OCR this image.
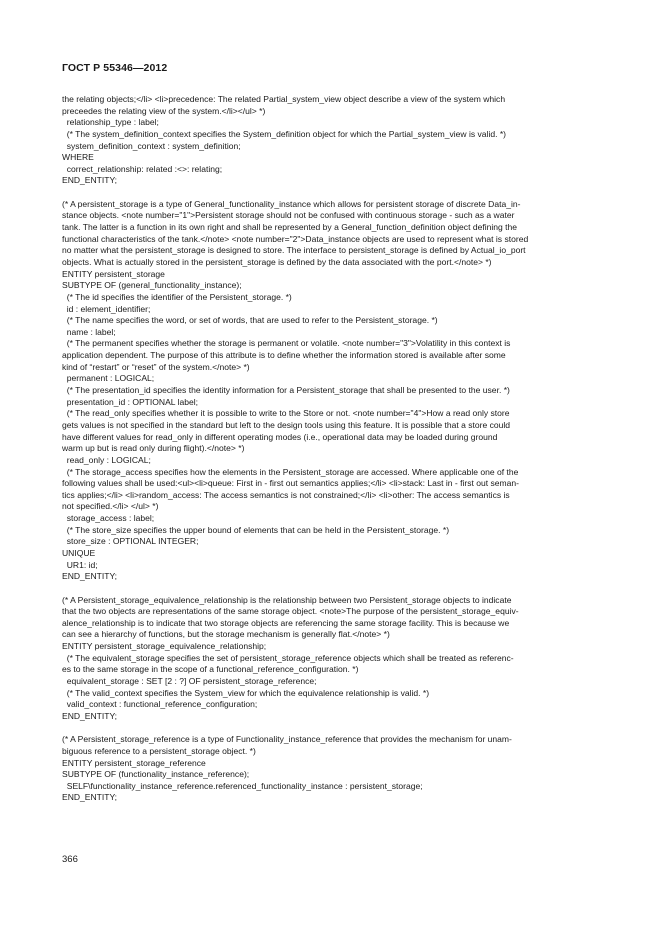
ГОСТ Р 55346—2012
the relating objects;</li> <li>precedence: The related Partial_system_view object describe a view of the system which
preceedes the relating view of the system.</li></ul> *)
relationship_type : label;
(* The system_definition_context specifies the System_definition object for which the Partial_system_view is valid. *)
system_definition_context : system_definition;
WHERE
correct_relationship: related :<>: relating;
END_ENTITY;
(* A persistent_storage is a type of General_functionality_instance which allows for persistent storage of discrete Data_in-
stance objects. <note number="1">Persistent storage should not be confused with continuous storage - such as a water
tank. The latter is a function in its own right and shall be represented by a General_function_definition object defining the
functional characteristics of the tank.</note> <note number="2">Data_instance objects are used to represent what is stored
no matter what the persistent_storage is designed to store. The interface to persistent_storage is defined by Actual_io_port
objects. What is actually stored in the persistent_storage is defined by the data associated with the port.</note> *)
ENTITY persistent_storage
SUBTYPE OF (general_functionality_instance);
(* The id specifies the identifier of the Persistent_storage. *)
id : element_identifier;
(* The name specifies the word, or set of words, that are used to refer to the Persistent_storage. *)
name : label;
(* The permanent specifies whether the storage is permanent or volatile. <note number="3">Volatility in this context is
application dependent. The purpose of this attribute is to define whether the information stored is available after some
kind of “restart” or “reset” of the system.</note> *)
permanent : LOGICAL;
(* The presentation_id specifies the identity information for a Persistent_storage that shall be presented to the user. *)
presentation_id : OPTIONAL label;
(* The read_only specifies whether it is possible to write to the Store or not. <note number="4">How a read only store
gets values is not specified in the standard but left to the design tools using this feature. It is possible that a store could
have different values for read_only in different operating modes (i.e., operational data may be loaded during ground
warm up but is read only during flight).</note> *)
read_only : LOGICAL;
(* The storage_access specifies how the elements in the Persistent_storage are accessed. Where applicable one of the
following values shall be used:<ul><li>queue: First in - first out semantics applies;</li> <li>stack: Last in - first out seman-
tics applies;</li> <li>random_access: The access semantics is not constrained;</li> <li>other: The access semantics is
not specified.</li> </ul> *)
storage_access : label;
(* The store_size specifies the upper bound of elements that can be held in the Persistent_storage. *)
store_size : OPTIONAL INTEGER;
UNIQUE
UR1: id;
END_ENTITY;
(* A Persistent_storage_equivalence_relationship is the relationship between two Persistent_storage objects to indicate
that the two objects are representations of the same storage object. <note>The purpose of the persistent_storage_equiv-
alence_relationship is to indicate that two storage objects are referencing the same storage facility. This is because we
can see a hierarchy of functions, but the storage mechanism is generally flat.</note> *)
ENTITY persistent_storage_equivalence_relationship;
(* The equivalent_storage specifies the set of persistent_storage_reference objects which shall be treated as referenc-
es to the same storage in the scope of a functional_reference_configuration. *)
equivalent_storage : SET [2 : ?] OF persistent_storage_reference;
(* The valid_context specifies the System_view for which the equivalence relationship is valid. *)
valid_context : functional_reference_configuration;
END_ENTITY;
(* A Persistent_storage_reference is a type of Functionality_instance_reference that provides the mechanism for unam-
biguous reference to a persistent_storage object. *)
ENTITY persistent_storage_reference
SUBTYPE OF (functionality_instance_reference);
SELF\functionality_instance_reference.referenced_functionality_instance : persistent_storage;
END_ENTITY;
366
